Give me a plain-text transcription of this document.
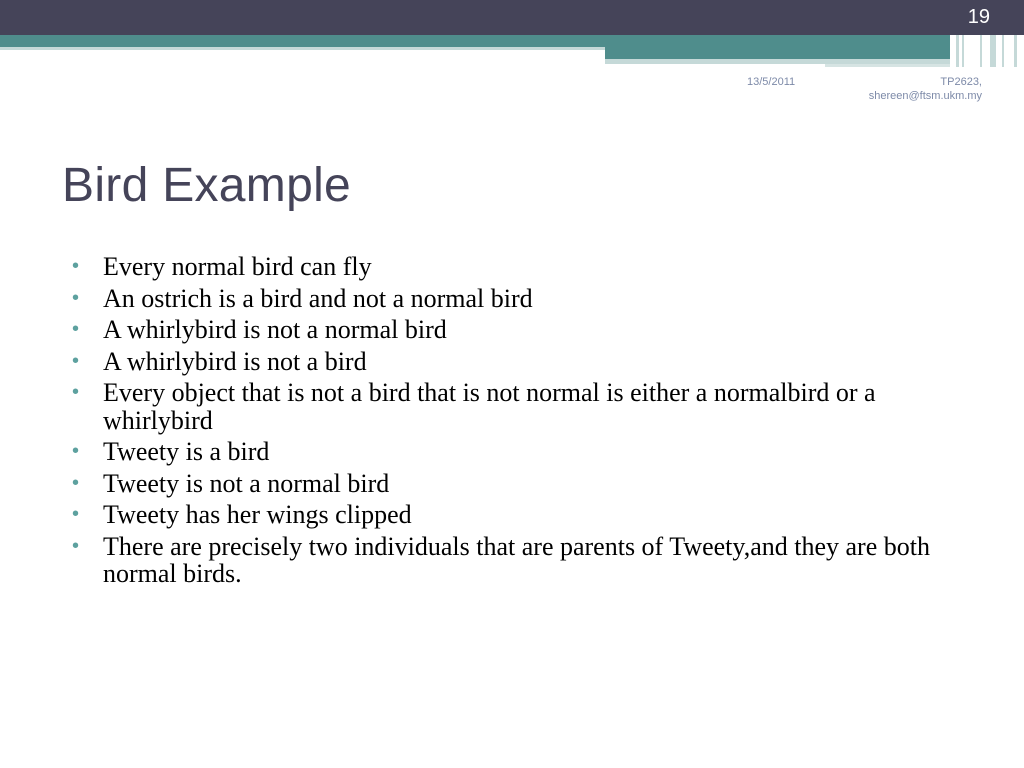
19
13/5/2011	TP2623,
shereen@ftsm.ukm.my
Bird Example
• Every normal bird can fly
• An ostrich is a bird and not a normal bird
• A whirlybird is not a normal bird
• A whirlybird is not a bird
• Every object that is not a bird that is not normal is either a normalbird or a whirlybird
• Tweety is a bird
• Tweety is not a normal bird
• Tweety has her wings clipped
• There are precisely two individuals that are parents of Tweety,and they are both normal birds.
